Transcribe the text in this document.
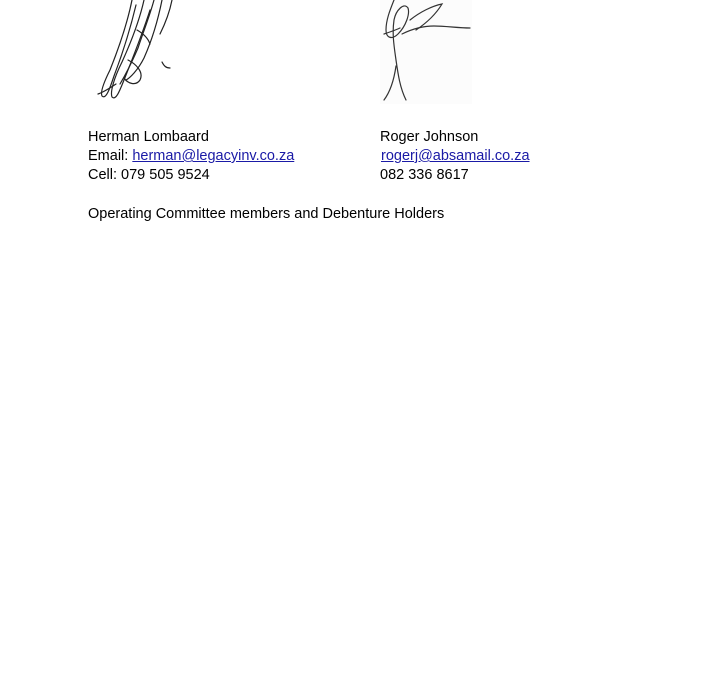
Herman Lombaard
Email: herman@legacyinv.co.za
Cell: 079 505 9524
Roger Johnson
rogerj@absamail.co.za
082 336 8617
Operating Committee members and Debenture Holders
